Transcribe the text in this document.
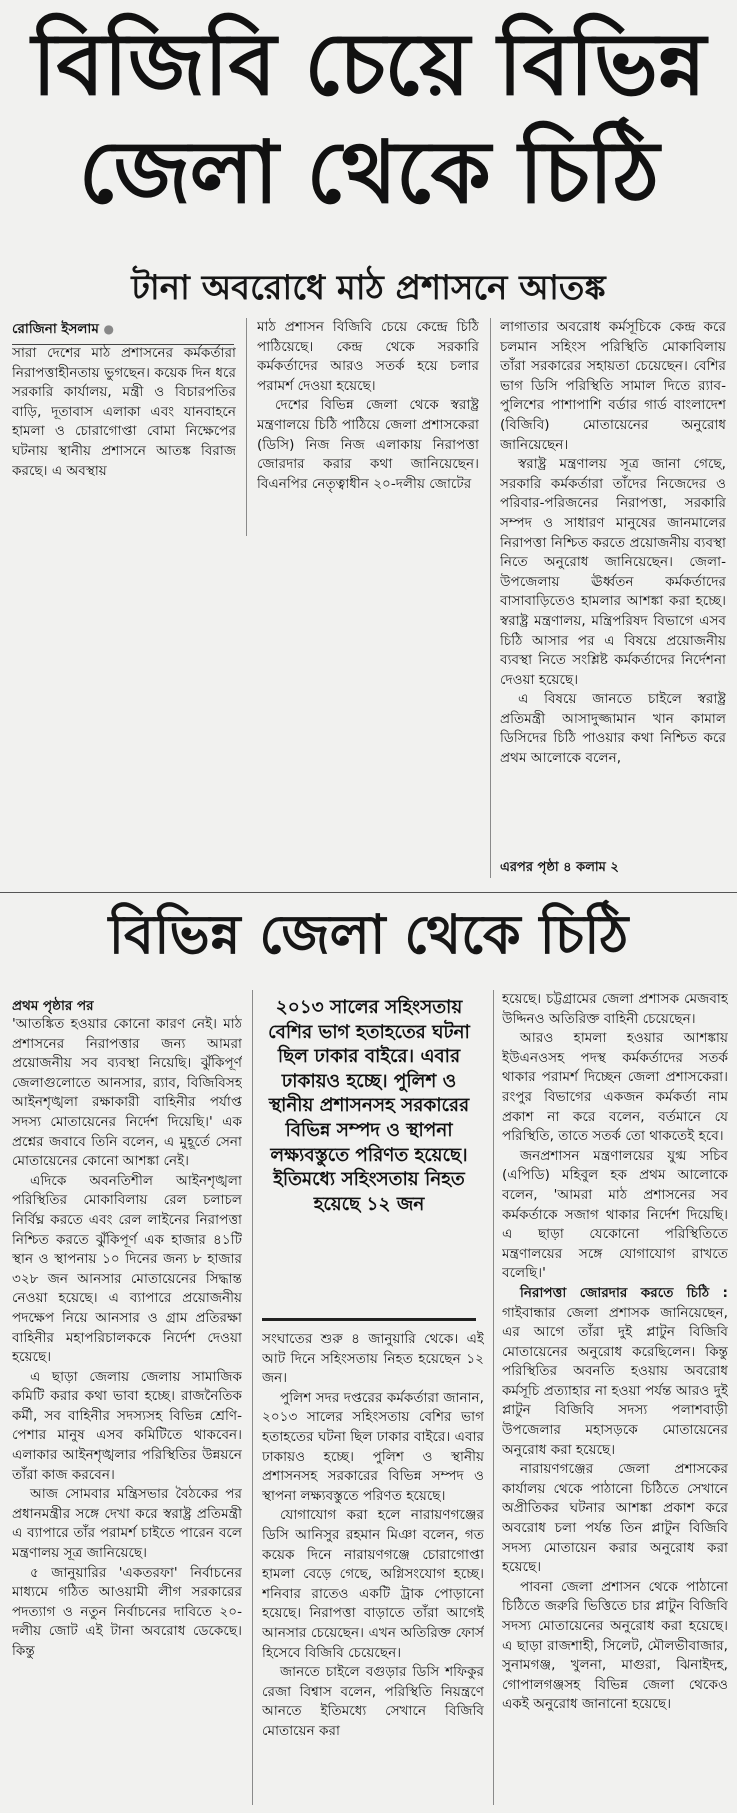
বিজিবি চেয়ে বিভিন্ন
জেলা থেকে চিঠি
টানা অবরোধে মাঠ প্রশাসনে আতঙ্ক
রোজিনা ইসলাম ●

সারা দেশের মাঠ প্রশাসনের কর্মকর্তারা নিরাপত্তাহীনতায় ভুগছেন। কয়েক দিন ধরে সরকারি কার্যালয়, মন্ত্রী ও বিচারপতির বাড়ি, দূতাবাস এলাকা এবং যানবাহনে হামলা ও চোরাগোপ্তা বোমা নিক্ষেপের ঘটনায় স্থানীয় প্রশাসনে আতঙ্ক বিরাজ করছে। এ অবস্থায়

মাঠ প্রশাসন বিজিবি চেয়ে কেন্দ্রে চিঠি পাঠিয়েছে। কেন্দ্র থেকে সরকারি কর্মকর্তাদের আরও সতর্ক হয়ে চলার পরামর্শ দেওয়া হয়েছে।

দেশের বিভিন্ন জেলা থেকে স্বরাষ্ট্র মন্ত্রণালয়ে চিঠি পাঠিয়ে জেলা প্রশাসকেরা (ডিসি) নিজ নিজ এলাকায় নিরাপত্তা জোরদার করার কথা জানিয়েছেন। বিএনপির নেতৃত্বাধীন ২০-দলীয় জোটের

লাগাতার অবরোধ কর্মসূচিকে কেন্দ্র করে চলমান সহিংস পরিস্থিতি মোকাবিলায় তাঁরা সরকারের সহায়তা চেয়েছেন। বেশির ভাগ ডিসি পরিস্থিতি সামাল দিতে র‍্যাব-পুলিশের পাশাপাশি বর্ডার গার্ড বাংলাদেশ (বিজিবি) মোতায়েনের অনুরোধ জানিয়েছেন।

স্বরাষ্ট্র মন্ত্রণালয় সূত্র জানা গেছে, সরকারি কর্মকর্তারা তাঁদের নিজেদের ও পরিবার-পরিজনের নিরাপত্তা, সরকারি সম্পদ ও সাধারণ মানুষের জানমালের নিরাপত্তা নিশ্চিত করতে প্রয়োজনীয় ব্যবস্থা নিতে অনুরোধ জানিয়েছেন। জেলা-উপজেলায় ঊর্ধ্বতন কর্মকর্তাদের বাসাবাড়িতেও হামলার আশঙ্কা করা হচ্ছে। স্বরাষ্ট্র মন্ত্রণালয়, মন্ত্রিপরিষদ বিভাগে এসব চিঠি আসার পর এ বিষয়ে প্রয়োজনীয় ব্যবস্থা নিতে সংশ্লিষ্ট কর্মকর্তাদের নির্দেশনা দেওয়া হয়েছে।

এ বিষয়ে জানতে চাইলে স্বরাষ্ট্র প্রতিমন্ত্রী আসাদুজ্জামান খান কামাল ডিসিদের চিঠি পাওয়ার কথা নিশ্চিত করে প্রথম আলোকে বলেন,

এরপর পৃষ্ঠা ৪ কলাম ২
বিভিন্ন জেলা থেকে চিঠি
প্রথম পৃষ্ঠার পর

'আতঙ্কিত হওয়ার কোনো কারণ নেই। মাঠ প্রশাসনের নিরাপত্তার জন্য আমরা প্রয়োজনীয় সব ব্যবস্থা নিয়েছি। ঝুঁকিপূর্ণ জেলাগুলোতে আনসার, র‍্যাব, বিজিবিসহ আইনশৃঙ্খলা রক্ষাকারী বাহিনীর পর্যাপ্ত সদস্য মোতায়েনের নির্দেশ দিয়েছি।' এক প্রশ্নের জবাবে তিনি বলেন, এ মুহূর্তে সেনা মোতায়েনের কোনো আশঙ্কা নেই।

এদিকে অবনতিশীল আইনশৃঙ্খলা পরিস্থিতির মোকাবিলায় রেল চলাচল নির্বিঘ্ন করতে এবং রেল লাইনের নিরাপত্তা নিশ্চিত করতে ঝুঁকিপূর্ণ এক হাজার ৪১টি স্থান ও স্থাপনায় ১০ দিনের জন্য ৮ হাজার ৩২৮ জন আনসার মোতায়েনের সিদ্ধান্ত নেওয়া হয়েছে। এ ব্যাপারে প্রয়োজনীয় পদক্ষেপ নিয়ে আনসার ও গ্রাম প্রতিরক্ষা বাহিনীর মহাপরিচালককে নির্দেশ দেওয়া হয়েছে।

এ ছাড়া জেলায় জেলায় সামাজিক কমিটি করার কথা ভাবা হচ্ছে। রাজনৈতিক কর্মী, সব বাহিনীর সদস্যসহ বিভিন্ন শ্রেণি-পেশার মানুষ এসব কমিটিতে থাকবেন। এলাকার আইনশৃঙ্খলার পরিস্থিতির উন্নয়নে তাঁরা কাজ করবেন।

আজ সোমবার মন্ত্রিসভার বৈঠকের পর প্রধানমন্ত্রীর সঙ্গে দেখা করে স্বরাষ্ট্র প্রতিমন্ত্রী এ ব্যাপারে তাঁর পরামর্শ চাইতে পারেন বলে মন্ত্রণালয় সূত্র জানিয়েছে।

৫ জানুয়ারির 'একতরফা' নির্বাচনের মাধ্যমে গঠিত আওয়ামী লীগ সরকারের পদত্যাগ ও নতুন নির্বাচনের দাবিতে ২০-দলীয় জোট এই টানা অবরোধ ডেকেছে। কিন্তু

২০১৩ সালের সহিংসতায় বেশির ভাগ হতাহতের ঘটনা ছিল ঢাকার বাইরে। এবার ঢাকায়ও হচ্ছে। পুলিশ ও স্থানীয় প্রশাসনসহ সরকারের বিভিন্ন সম্পদ ও স্থাপনা লক্ষ্যবস্তুতে পরিণত হয়েছে। ইতিমধ্যে সহিংসতায় নিহত হয়েছে ১২ জন

সংঘাতের শুরু ৪ জানুয়ারি থেকে। এই আট দিনে সহিংসতায় নিহত হয়েছেন ১২ জন।

পুলিশ সদর দপ্তরের কর্মকর্তারা জানান, ২০১৩ সালের সহিংসতায় বেশির ভাগ হতাহতের ঘটনা ছিল ঢাকার বাইরে। এবার ঢাকায়ও হচ্ছে। পুলিশ ও স্থানীয় প্রশাসনসহ সরকারের বিভিন্ন সম্পদ ও স্থাপনা লক্ষ্যবস্তুতে পরিণত হয়েছে।

যোগাযোগ করা হলে নারায়ণগঞ্জের ডিসি আনিসুর রহমান মিঞা বলেন, গত কয়েক দিনে নারায়ণগঞ্জে চোরাগোপ্তা হামলা বেড়ে গেছে, অগ্নিসংযোগ হচ্ছে। শনিবার রাতেও একটি ট্রাক পোড়ানো হয়েছে। নিরাপত্তা বাড়াতে তাঁরা আগেই আনসার চেয়েছেন। এখন অতিরিক্ত ফোর্স হিসেবে বিজিবি চেয়েছেন।

জানতে চাইলে বগুড়ার ডিসি শফিকুর রেজা বিশ্বাস বলেন, পরিস্থিতি নিয়ন্ত্রণে আনতে ইতিমধ্যে সেখানে বিজিবি মোতায়েন করা

হয়েছে। চট্টগ্রামের জেলা প্রশাসক মেজবাহ উদ্দিনও অতিরিক্ত বাহিনী চেয়েছেন।

আরও হামলা হওয়ার আশঙ্কায় ইউএনওসহ পদস্থ কর্মকর্তাদের সতর্ক থাকার পরামর্শ দিচ্ছেন জেলা প্রশাসকেরা। রংপুর বিভাগের একজন কর্মকর্তা নাম প্রকাশ না করে বলেন, বর্তমানে যে পরিস্থিতি, তাতে সতর্ক তো থাকতেই হবে।

জনপ্রশাসন মন্ত্রণালয়ের যুগ্ম সচিব (এপিডি) মহিবুল হক প্রথম আলোকে বলেন, 'আমরা মাঠ প্রশাসনের সব কর্মকর্তাকে সজাগ থাকার নির্দেশ দিয়েছি। এ ছাড়া যেকোনো পরিস্থিতিতে মন্ত্রণালয়ের সঙ্গে যোগাযোগ রাখতে বলেছি।'

নিরাপত্তা জোরদার করতে চিঠি : গাইবান্ধার জেলা প্রশাসক জানিয়েছেন, এর আগে তাঁরা দুই প্লাটুন বিজিবি মোতায়েনের অনুরোধ করেছিলেন। কিন্তু পরিস্থিতির অবনতি হওয়ায় অবরোধ কর্মসূচি প্রত্যাহার না হওয়া পর্যন্ত আরও দুই প্লাটুন বিজিবি সদস্য পলাশবাড়ী উপজেলার মহাসড়কে মোতায়েনের অনুরোধ করা হয়েছে।

নারায়ণগঞ্জের জেলা প্রশাসকের কার্যালয় থেকে পাঠানো চিঠিতে সেখানে অপ্রীতিকর ঘটনার আশঙ্কা প্রকাশ করে অবরোধ চলা পর্যন্ত তিন প্লাটুন বিজিবি সদস্য মোতায়েন করার অনুরোধ করা হয়েছে।

পাবনা জেলা প্রশাসন থেকে পাঠানো চিঠিতে জরুরি ভিত্তিতে চার প্লাটুন বিজিবি সদস্য মোতায়েনের অনুরোধ করা হয়েছে। এ ছাড়া রাজশাহী, সিলেট, মৌলভীবাজার, সুনামগঞ্জ, খুলনা, মাগুরা, ঝিনাইদহ, গোপালগঞ্জসহ বিভিন্ন জেলা থেকেও একই অনুরোধ জানানো হয়েছে।
